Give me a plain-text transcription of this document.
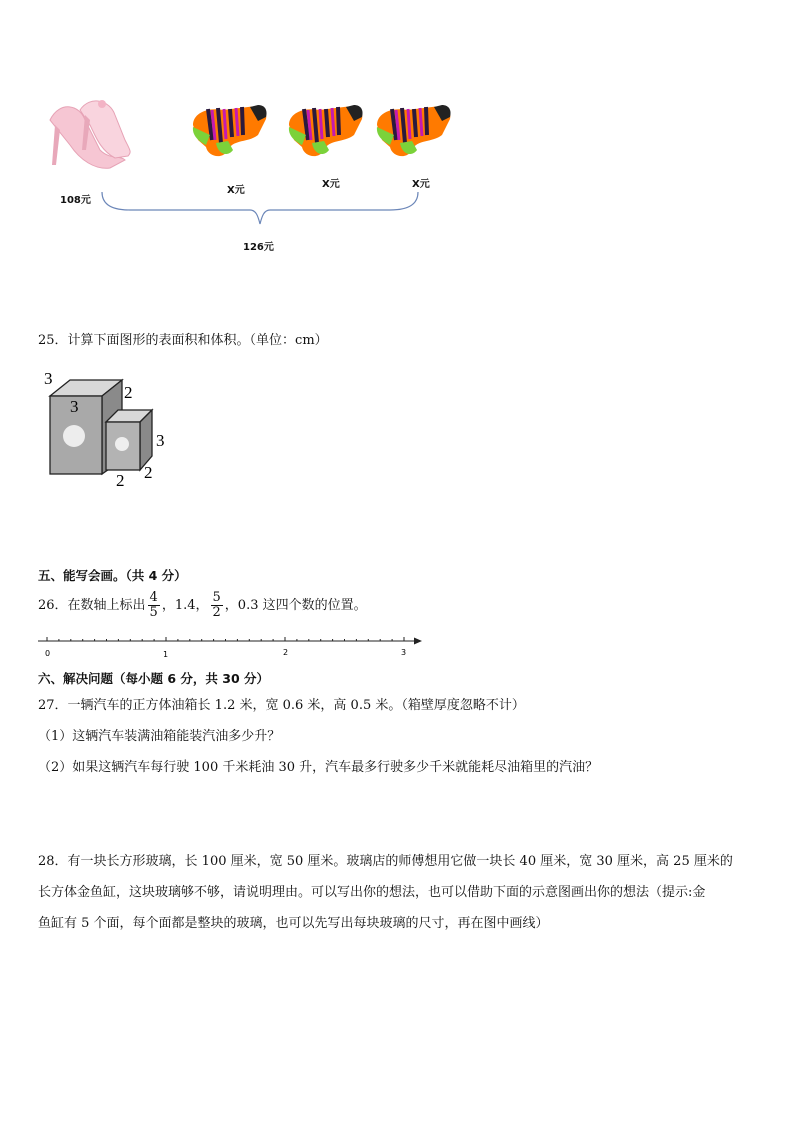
108元
X元
X元	X元
126元
25．计算下面图形的表面积和体积。（单位：cm）
3
3
2
3
2 2
五、能写会画。（共 4 分）
26．在数轴上标出 $\frac{4}{5}$ ，1.4， $\frac{5}{2}$ ，0.3 这四个数的位置。
0	1	2	3
六、解决问题（每小题 6 分，共 30 分）
27．一辆汽车的正方体油箱长 1.2 米，宽 0.6 米，高 0.5 米。（箱壁厚度忽略不计）
（1）这辆汽车装满油箱能装汽油多少升？
（2）如果这辆汽车每行驶 100 千米耗油 30 升，汽车最多行驶多少千米就能耗尽油箱里的汽油？
28．有一块长方形玻璃，长 100 厘米，宽 50 厘米。玻璃店的师傅想用它做一块长 40 厘米，宽 30 厘米，高 25 厘米的
长方体金鱼缸，这块玻璃够不够，请说明理由。可以写出你的想法，也可以借助下面的示意图画出你的想法（提示:金
鱼缸有 5 个面，每个面都是整块的玻璃，也可以先写出每块玻璃的尺寸，再在图中画线）
